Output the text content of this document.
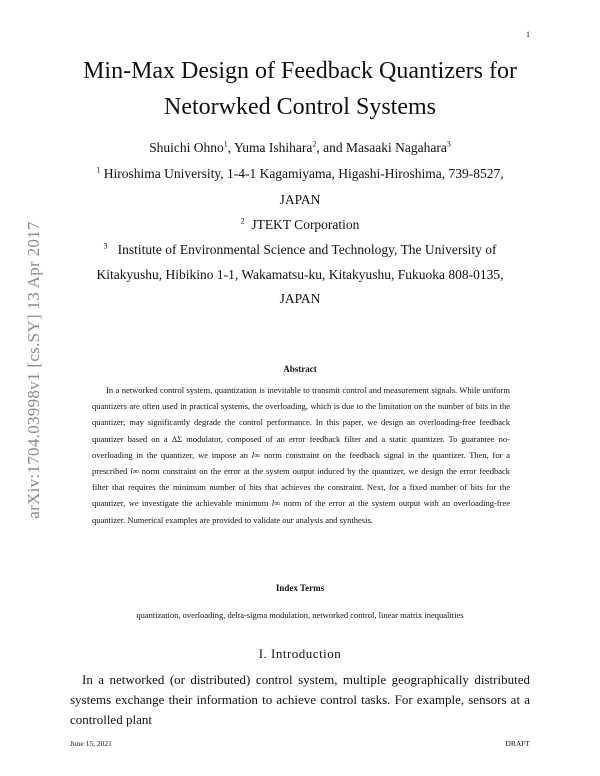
1
arXiv:1704.03998v1 [cs.SY] 13 Apr 2017
Min-Max Design of Feedback Quantizers for
Netorwked Control Systems
Shuichi Ohno$^1$, Yuma Ishihara$^2$, and Masaaki Nagahara$^3$
$^1$ Hiroshima University, 1-4-1 Kagamiyama, Higashi-Hiroshima, 739-8527,
JAPAN
$^2$  JTEKT Corporation
$^3$   Institute of Environmental Science and Technology, The University of
Kitakyushu, Hibikino 1-1, Wakamatsu-ku, Kitakyushu, Fukuoka 808-0135,
JAPAN
Abstract

In a networked control system, quantization is inevitable to transmit control and measurement signals. While uniform quantizers are often used in practical systems, the overloading, which is due to the limitation on the number of bits in the quantizer, may significantly degrade the control performance. In this paper, we design an overloading-free feedback quantizer based on a ΔΣ modulator, composed of an error feedback filter and a static quantizer. To guarantee no-overloading in the quantizer, we impose an l∞ norm constraint on the feedback signal in the quantizer. Then, for a prescribed l∞ norm constraint on the error at the system output induced by the quantizer, we design the error feedback filter that requires the minimum number of bits that achieves the constraint. Next, for a fixed number of bits for the quantizer, we investigate the achievable minimum l∞ norm of the error at the system output with an overloading-free quantizer. Numerical examples are provided to validate our analysis and synthesis.

Index Terms
quantization, overloading, delta-sigma modulation, networked control, linear matrix inequalities
I. Introduction

In a networked (or distributed) control system, multiple geographically distributed systems exchange their information to achieve control tasks. For example, sensors at a controlled plant

June 15, 2021	DRAFT
